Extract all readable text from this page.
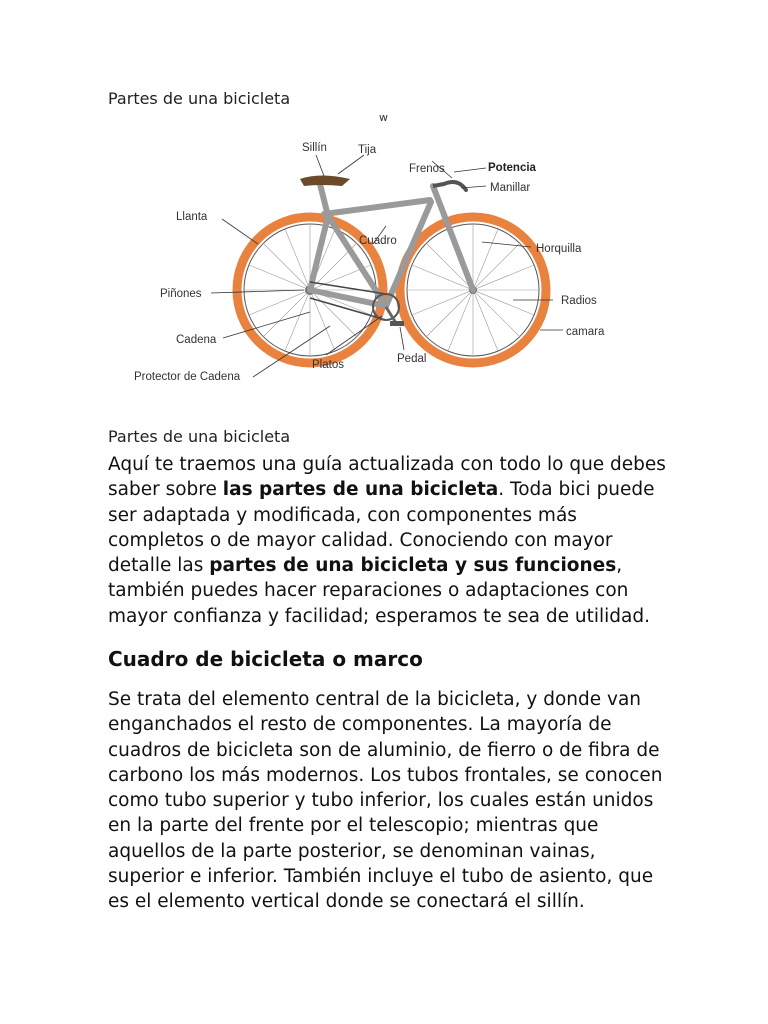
Partes de una bicicleta
w
Sillín	Tija
Frenos	Potencia
Manillar
Llanta
Cuadro
Horquilla
Piñones
Radios
camara
Cadena
Platos	Pedal
Protector de Cadena
Partes de una bicicleta
Aquí te traemos una guía actualizada con todo lo que debes saber sobre las partes de una bicicleta. Toda bici puede ser adaptada y modificada, con componentes más completos o de mayor calidad. Conociendo con mayor detalle las partes de una bicicleta y sus funciones, también puedes hacer reparaciones o adaptaciones con mayor confianza y facilidad; esperamos te sea de utilidad.
Cuadro de bicicleta o marco
Se trata del elemento central de la bicicleta, y donde van enganchados el resto de componentes. La mayoría de cuadros de bicicleta son de aluminio, de fierro o de fibra de carbono los más modernos. Los tubos frontales, se conocen como tubo superior y tubo inferior, los cuales están unidos en la parte del frente por el telescopio; mientras que aquellos de la parte posterior, se denominan vainas, superior e inferior. También incluye el tubo de asiento, que es el elemento vertical donde se conectará el sillín.
